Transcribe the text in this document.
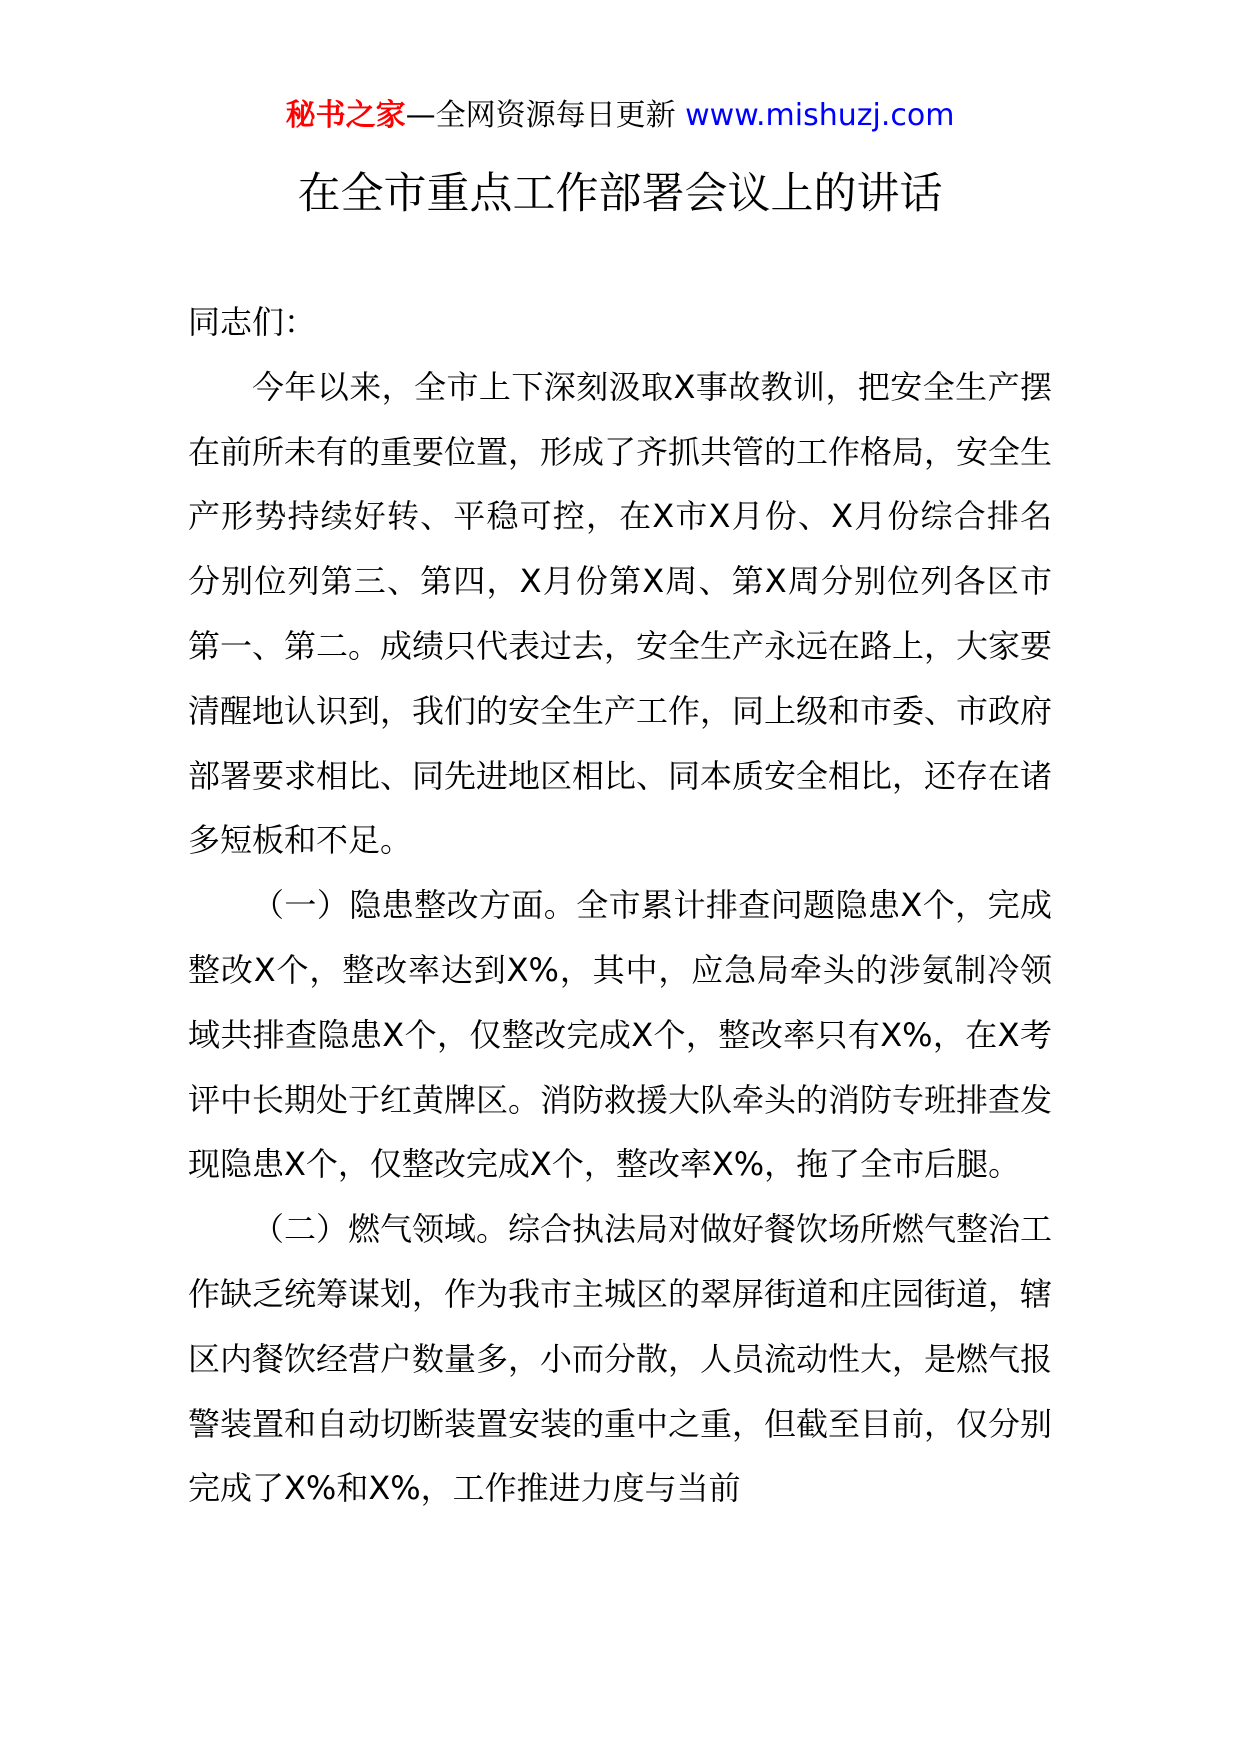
秘书之家—全网资源每日更新 www.mishuzj.com
在全市重点工作部署会议上的讲话

同志们：

今年以来，全市上下深刻汲取X事故教训，把安全生产摆在前所未有的重要位置，形成了齐抓共管的工作格局，安全生产形势持续好转、平稳可控，在X市X月份、X月份综合排名分别位列第三、第四，X月份第X周、第X周分别位列各区市第一、第二。成绩只代表过去，安全生产永远在路上，大家要清醒地认识到，我们的安全生产工作，同上级和市委、市政府部署要求相比、同先进地区相比、同本质安全相比，还存在诸多短板和不足。

（一）隐患整改方面。全市累计排查问题隐患X个，完成整改X个，整改率达到X%，其中，应急局牵头的涉氨制冷领域共排查隐患X个，仅整改完成X个，整改率只有X%，在X考评中长期处于红黄牌区。消防救援大队牵头的消防专班排查发现隐患X个，仅整改完成X个，整改率X%，拖了全市后腿。

（二）燃气领域。综合执法局对做好餐饮场所燃气整治工作缺乏统筹谋划，作为我市主城区的翠屏街道和庄园街道，辖区内餐饮经营户数量多，小而分散，人员流动性大，是燃气报警装置和自动切断装置安装的重中之重，但截至目前，仅分别完成了X%和X%，工作推进力度与当前
